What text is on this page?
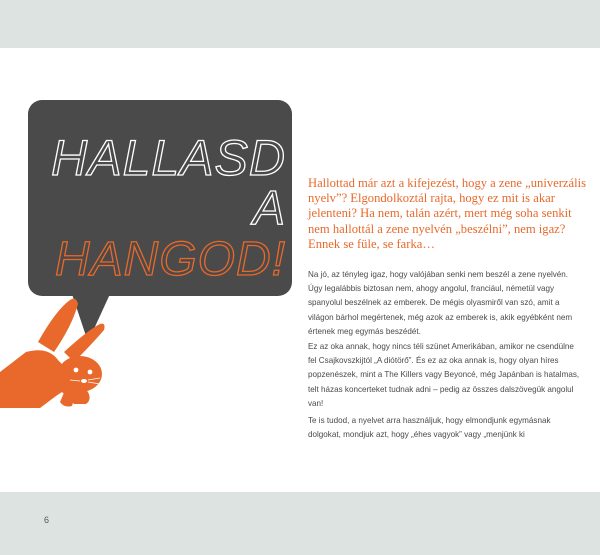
6
HALLASD
A
HANGOD!

Hallottad már azt a kifejezést, hogy a zene „univerzális nyelv”? Elgondolkoztál rajta, hogy ez mit is akar jelenteni? Ha nem, talán azért, mert még soha senkit nem hallottál a zene nyelvén „beszélni”, nem igaz? Ennek se füle, se farka…

Na jó, az tényleg igaz, hogy valójában senki nem beszél a zene nyelvén. Úgy legalábbis biztosan nem, ahogy angolul, franciául, németül vagy spanyolul beszélnek az emberek. De mégis olyasmiről van szó, amit a világon bárhol megértenek, még azok az emberek is, akik egyébként nem értenek meg egymás beszédét.

Ez az oka annak, hogy nincs téli szünet Amerikában, amikor ne csendülne fel Csajkovszkijtól „A diótörő”. És ez az oka annak is, hogy olyan híres popzenészek, mint a The Killers vagy Beyoncé, még Japánban is hatalmas, telt házas koncerteket tudnak adni – pedig az összes dalszövegük angolul van!

Te is tudod, a nyelvet arra használjuk, hogy elmondjunk egymásnak dolgokat, mondjuk azt, hogy „éhes vagyok” vagy „menjünk ki
